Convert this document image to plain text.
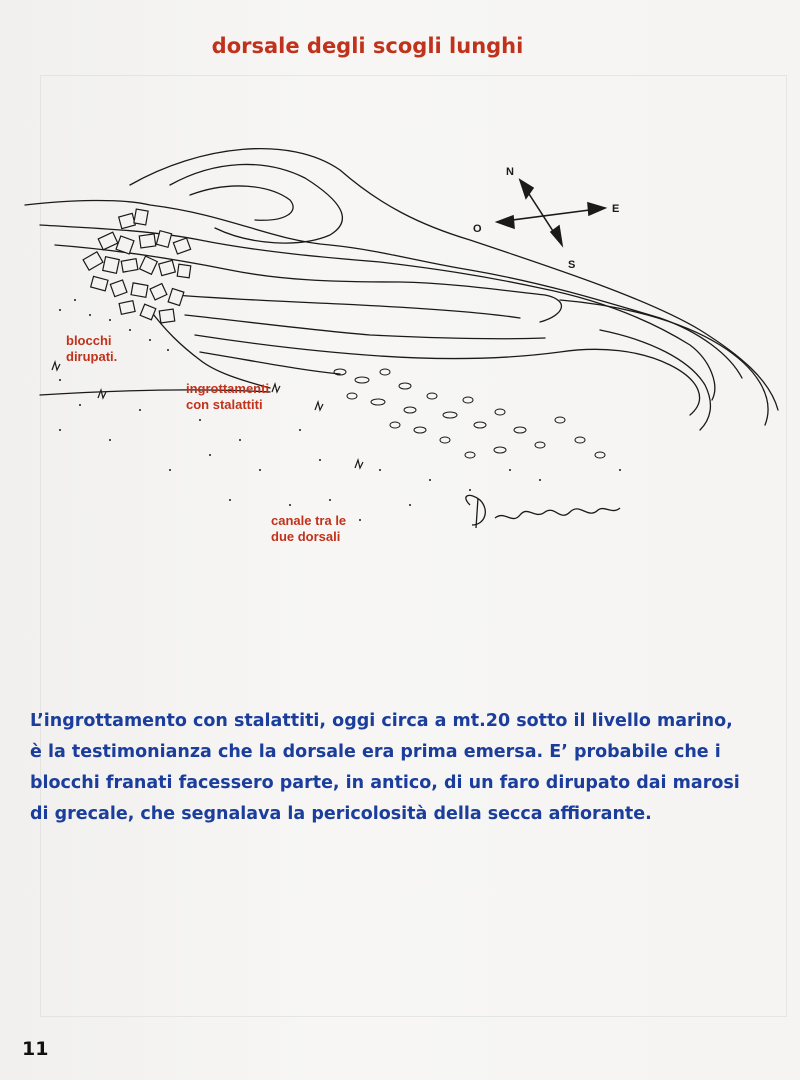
dorsale degli scogli lunghi
N
E
S
O
blocchi
dirupati.
ingrottamenti
con stalattiti
canale tra le
due dorsali
L’ingrottamento con stalattiti, oggi circa a mt.20 sotto il livello marino,
è la testimonianza che la dorsale era prima emersa. E’ probabile che i
blocchi franati facessero parte, in antico, di un faro dirupato dai marosi
di grecale, che segnalava la pericolosità della secca affiorante.
11
